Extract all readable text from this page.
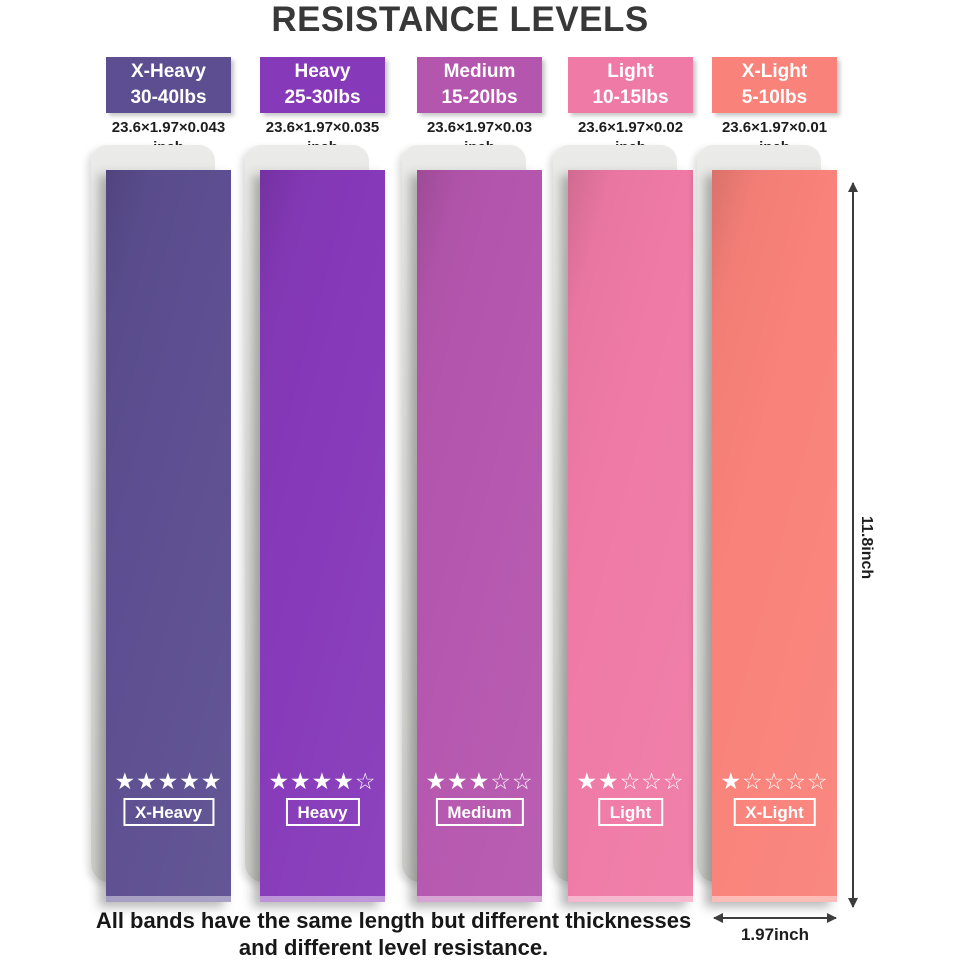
RESISTANCE LEVELS
X-Heavy
30-40lbs
23.6×1.97×0.043
★★★★★
X-Heavy
Heavy
25-30lbs
23.6×1.97×0.035
★★★★☆
Heavy
Medium
15-20lbs
23.6×1.97×0.03
★★★☆☆
Medium
Light
10-15lbs
23.6×1.97×0.02
★★☆☆☆
Light
X-Light
5-10lbs
23.6×1.97×0.01
★☆☆☆☆
X-Light
11.8inch
1.97inch
All bands have the same length but different thicknesses and different level resistance.
